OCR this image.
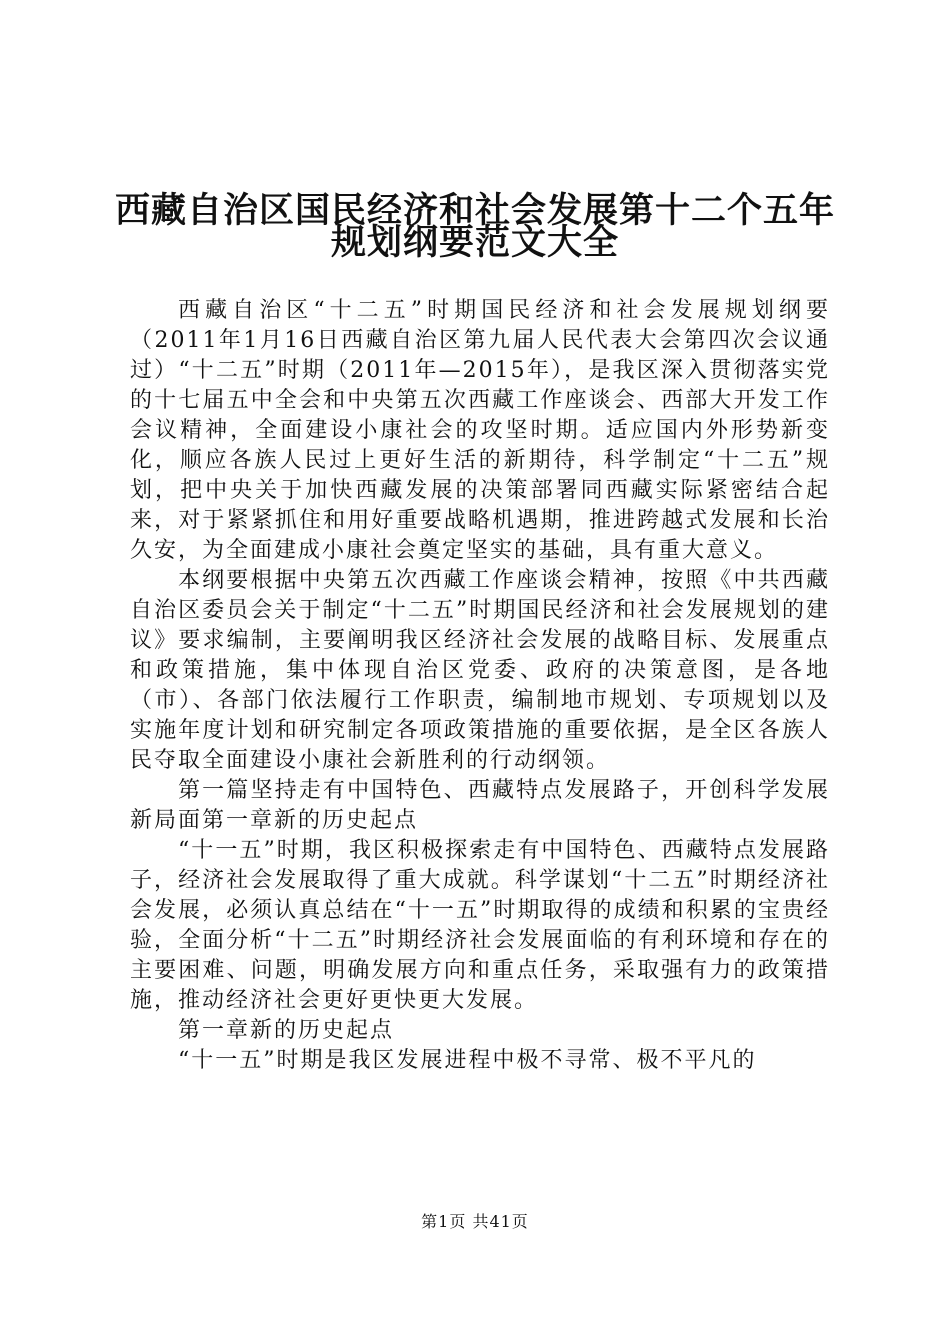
西藏自治区国民经济和社会发展第十二个五年
规划纲要范文大全

西藏自治区“十二五”时期国民经济和社会发展规划纲要（2011年1月16日西藏自治区第九届人民代表大会第四次会议通过）“十二五”时期（2011年—2015年），是我区深入贯彻落实党的十七届五中全会和中央第五次西藏工作座谈会、西部大开发工作会议精神，全面建设小康社会的攻坚时期。适应国内外形势新变化，顺应各族人民过上更好生活的新期待，科学制定“十二五”规划，把中央关于加快西藏发展的决策部署同西藏实际紧密结合起来，对于紧紧抓住和用好重要战略机遇期，推进跨越式发展和长治久安，为全面建成小康社会奠定坚实的基础，具有重大意义。

本纲要根据中央第五次西藏工作座谈会精神，按照《中共西藏自治区委员会关于制定“十二五”时期国民经济和社会发展规划的建议》要求编制，主要阐明我区经济社会发展的战略目标、发展重点和政策措施，集中体现自治区党委、政府的决策意图，是各地（市）、各部门依法履行工作职责，编制地市规划、专项规划以及实施年度计划和研究制定各项政策措施的重要依据，是全区各族人民夺取全面建设小康社会新胜利的行动纲领。

第一篇坚持走有中国特色、西藏特点发展路子，开创科学发展新局面第一章新的历史起点

“十一五”时期，我区积极探索走有中国特色、西藏特点发展路子，经济社会发展取得了重大成就。科学谋划“十二五”时期经济社会发展，必须认真总结在“十一五”时期取得的成绩和积累的宝贵经验，全面分析“十二五”时期经济社会发展面临的有利环境和存在的主要困难、问题，明确发展方向和重点任务，采取强有力的政策措施，推动经济社会更好更快更大发展。

第一章新的历史起点

“十一五”时期是我区发展进程中极不寻常、极不平凡的

第1页 共41页
